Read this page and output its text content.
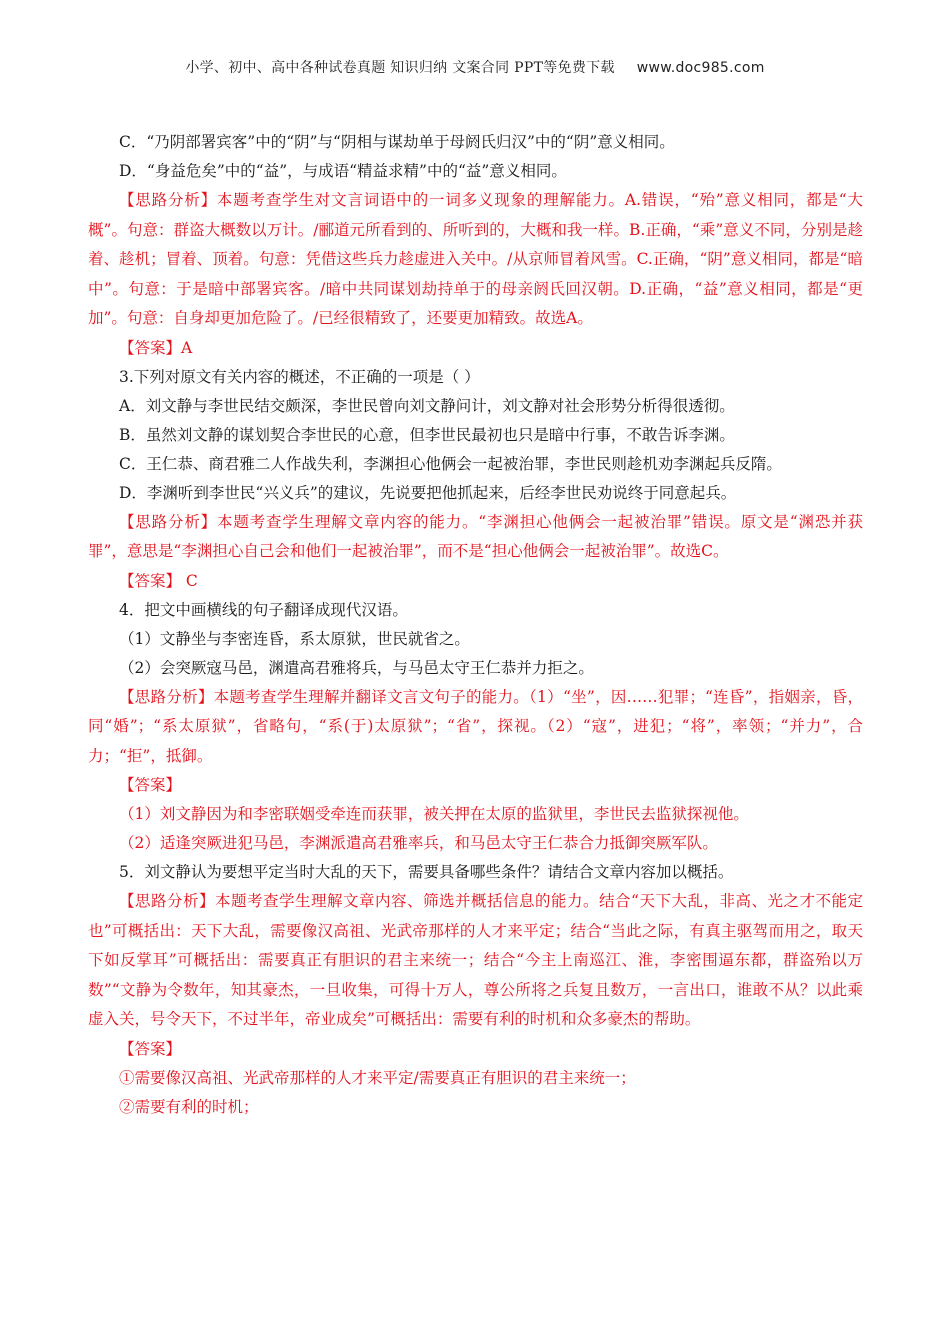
小学、初中、高中各种试卷真题 知识归纳 文案合同 PPT等免费下载 www.doc985.com

C．“乃阴部署宾客”中的“阴”与“阴相与谋劫单于母阏氏归汉”中的“阴”意义相同。

D．“身益危矣”中的“益”，与成语“精益求精”中的“益”意义相同。

【思路分析】本题考查学生对文言词语中的一词多义现象的理解能力。A.错误，“殆”意义相同，都是“大概”。句意：群盗大概数以万计。/郦道元所看到的、所听到的，大概和我一样。B.正确，“乘”意义不同，分别是趁着、趁机；冒着、顶着。句意：凭借这些兵力趁虚进入关中。/从京师冒着风雪。C.正确，“阴”意义相同，都是“暗中”。句意：于是暗中部署宾客。/暗中共同谋划劫持单于的母亲阏氏回汉朝。D.正确，“益”意义相同，都是“更加”。句意：自身却更加危险了。/已经很精致了，还要更加精致。故选A。

【答案】A

3.下列对原文有关内容的概述，不正确的一项是（ ）

A．刘文静与李世民结交颇深，李世民曾向刘文静问计，刘文静对社会形势分析得很透彻。

B．虽然刘文静的谋划契合李世民的心意，但李世民最初也只是暗中行事，不敢告诉李渊。

C．王仁恭、商君雅二人作战失利，李渊担心他俩会一起被治罪，李世民则趁机劝李渊起兵反隋。

D．李渊听到李世民“兴义兵”的建议，先说要把他抓起来，后经李世民劝说终于同意起兵。

【思路分析】本题考查学生理解文章内容的能力。“李渊担心他俩会一起被治罪”错误。原文是“渊恐并获罪”，意思是“李渊担心自己会和他们一起被治罪”，而不是“担心他俩会一起被治罪”。故选C。

【答案】 C

4．把文中画横线的句子翻译成现代汉语。

（1）文静坐与李密连昏，系太原狱，世民就省之。

（2）会突厥寇马邑，渊遣高君雅将兵，与马邑太守王仁恭并力拒之。

【思路分析】本题考查学生理解并翻译文言文句子的能力。（1）“坐”，因……犯罪；“连昏”，指姻亲，昏，同“婚”；“系太原狱”，省略句，“系(于)太原狱”；“省”，探视。（2）“寇”，进犯；“将”，率领；“并力”，合力；“拒”，抵御。

【答案】

（1）刘文静因为和李密联姻受牵连而获罪，被关押在太原的监狱里，李世民去监狱探视他。

（2）适逢突厥进犯马邑，李渊派遣高君雅率兵，和马邑太守王仁恭合力抵御突厥军队。

5．刘文静认为要想平定当时大乱的天下，需要具备哪些条件？请结合文章内容加以概括。

【思路分析】本题考查学生理解文章内容、筛选并概括信息的能力。结合“天下大乱，非高、光之才不能定也”可概括出：天下大乱，需要像汉高祖、光武帝那样的人才来平定；结合“当此之际，有真主驱驾而用之，取天下如反掌耳”可概括出：需要真正有胆识的君主来统一；结合“今主上南巡江、淮，李密围逼东都，群盗殆以万数”“文静为令数年，知其豪杰，一旦收集，可得十万人，尊公所将之兵复且数万，一言出口，谁敢不从？以此乘虚入关，号令天下，不过半年，帝业成矣”可概括出：需要有利的时机和众多豪杰的帮助。

【答案】

①需要像汉高祖、光武帝那样的人才来平定/需要真正有胆识的君主来统一；

②需要有利的时机；
